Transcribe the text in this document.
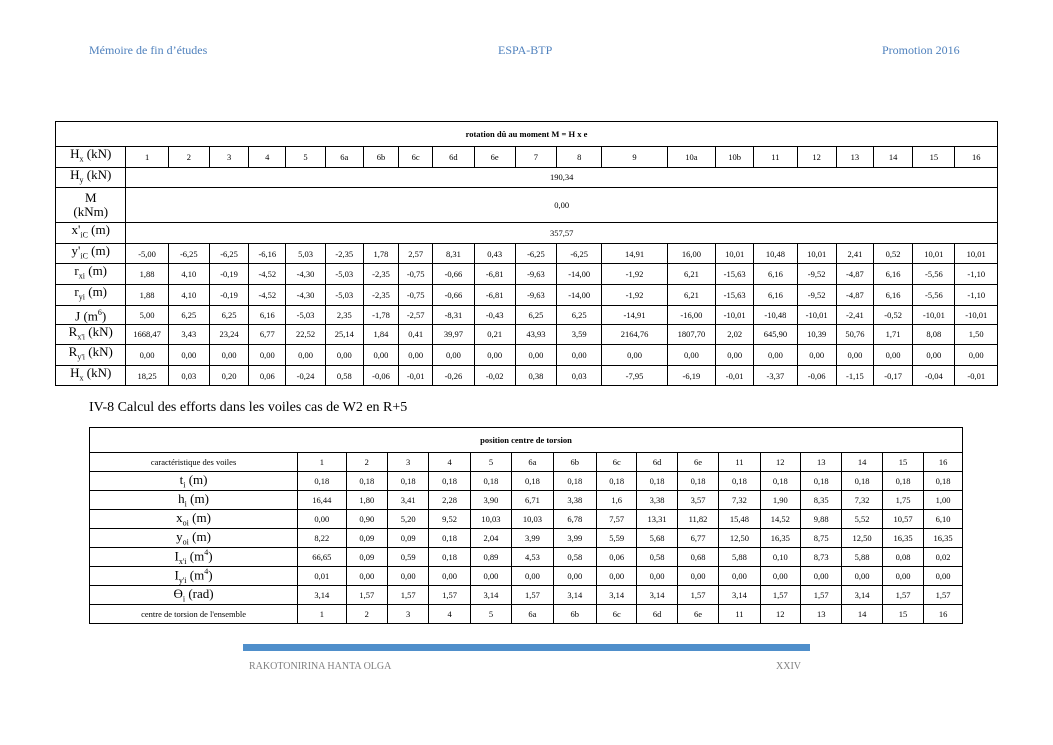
Mémoire de fin d’études	ESPA-BTP	Promotion 2016
rotation dû au moment M = H x e																					
$H_x$ (kN)	1	2	3	4	5	6a	6b	6c	6d	6e	7	8	9	10a	10b	11	12	13	14	15	16
$H_y$ (kN)	190,34																				
M
(kNm)	0,00																				
$x'_{iC}$ (m)	357,57																				
$y'_{iC}$ (m)	-5,00	-6,25	-6,25	-6,16	5,03	-2,35	1,78	2,57	8,31	0,43	-6,25	-6,25	14,91	16,00	10,01	10,48	10,01	2,41	0,52	10,01	10,01
$r_{xi}$ (m)	1,88	4,10	-0,19	-4,52	-4,30	-5,03	-2,35	-0,75	-0,66	-6,81	-9,63	-14,00	-1,92	6,21	-15,63	6,16	-9,52	-4,87	6,16	-5,56	-1,10
$r_{yi}$ (m)	1,88	4,10	-0,19	-4,52	-4,30	-5,03	-2,35	-0,75	-0,66	-6,81	-9,63	-14,00	-1,92	6,21	-15,63	6,16	-9,52	-4,87	6,16	-5,56	-1,10
J $(m^6)$	5,00	6,25	6,25	6,16	-5,03	2,35	-1,78	-2,57	-8,31	-0,43	6,25	6,25	-14,91	-16,00	-10,01	-10,48	-10,01	-2,41	-0,52	-10,01	-10,01
$R_{x'i}$ (kN)	1668,47	3,43	23,24	6,77	22,52	25,14	1,84	0,41	39,97	0,21	43,93	3,59	2164,76	1807,70	2,02	645,90	10,39	50,76	1,71	8,08	1,50
$R_{y'i}$ (kN)	0,00	0,00	0,00	0,00	0,00	0,00	0,00	0,00	0,00	0,00	0,00	0,00	0,00	0,00	0,00	0,00	0,00	0,00	0,00	0,00	0,00
$H_x$ (kN)	18,25	0,03	0,20	0,06	-0,24	0,58	-0,06	-0,01	-0,26	-0,02	0,38	0,03	-7,95	-6,19	-0,01	-3,37	-0,06	-1,15	-0,17	-0,04	-0,01
IV-8 Calcul des efforts dans les voiles cas de W2 en R+5
position centre de torsion																
caractéristique des voiles	1	2	3	4	5	6a	6b	6c	6d	6e	11	12	13	14	15	16
$t_i$ (m)	0,18	0,18	0,18	0,18	0,18	0,18	0,18	0,18	0,18	0,18	0,18	0,18	0,18	0,18	0,18	0,18
$h_i$ (m)	16,44	1,80	3,41	2,28	3,90	6,71	3,38	1,6	3,38	3,57	7,32	1,90	8,35	7,32	1,75	1,00
$x_{oi}$ (m)	0,00	0,90	5,20	9,52	10,03	10,03	6,78	7,57	13,31	11,82	15,48	14,52	9,88	5,52	10,57	6,10
$y_{oi}$ (m)	8,22	0,09	0,09	0,18	2,04	3,99	3,99	5,59	5,68	6,77	12,50	16,35	8,75	12,50	16,35	16,35
$I_{x'i}$ $(m^4)$	66,65	0,09	0,59	0,18	0,89	4,53	0,58	0,06	0,58	0,68	5,88	0,10	8,73	5,88	0,08	0,02
$I_{y'i}$ $(m^4)$	0,01	0,00	0,00	0,00	0,00	0,00	0,00	0,00	0,00	0,00	0,00	0,00	0,00	0,00	0,00	0,00
$Ө_i$ (rad)	3,14	1,57	1,57	1,57	3,14	1,57	3,14	3,14	3,14	1,57	3,14	1,57	1,57	3,14	1,57	1,57
centre de torsion de l'ensemble	1	2	3	4	5	6a	6b	6c	6d	6e	11	12	13	14	15	16
RAKOTONIRINA HANTA OLGA	XXIV
